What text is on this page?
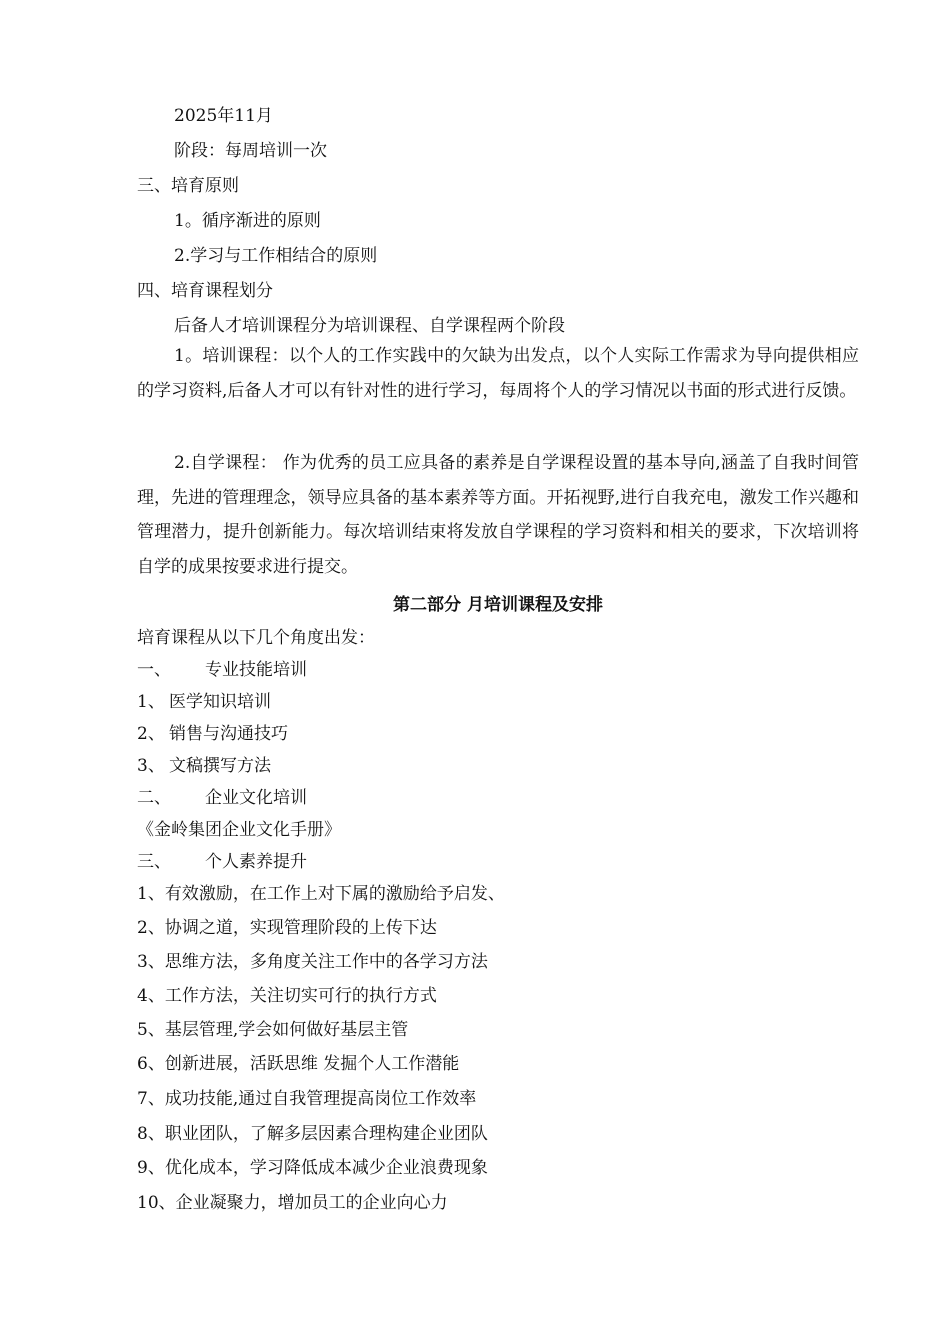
2025年11月
阶段：每周培训一次
三、培育原则
1。循序渐进的原则
2.学习与工作相结合的原则
四、培育课程划分
后备人才培训课程分为培训课程、自学课程两个阶段
1。培训课程：以个人的工作实践中的欠缺为出发点，以个人实际工作需求为导向提供相应的学习资料,后备人才可以有针对性的进行学习，每周将个人的学习情况以书面的形式进行反馈。
2.自学课程： 作为优秀的员工应具备的素养是自学课程设置的基本导向,涵盖了自我时间管理，先进的管理理念，领导应具备的基本素养等方面。开拓视野,进行自我充电，激发工作兴趣和管理潜力，提升创新能力。每次培训结束将发放自学课程的学习资料和相关的要求，下次培训将自学的成果按要求进行提交。
第二部分 月培训课程及安排
培育课程从以下几个角度出发：
一、 专业技能培训
1、 医学知识培训
2、 销售与沟通技巧
3、 文稿撰写方法
二、 企业文化培训
《金岭集团企业文化手册》
三、 个人素养提升
1、有效激励，在工作上对下属的激励给予启发、
2、协调之道，实现管理阶段的上传下达
3、思维方法，多角度关注工作中的各学习方法
4、工作方法，关注切实可行的执行方式
5、基层管理,学会如何做好基层主管
6、创新进展，活跃思维 发掘个人工作潜能
7、成功技能,通过自我管理提高岗位工作效率
8、职业团队，了解多层因素合理构建企业团队
9、优化成本，学习降低成本减少企业浪费现象
10、企业凝聚力，增加员工的企业向心力
